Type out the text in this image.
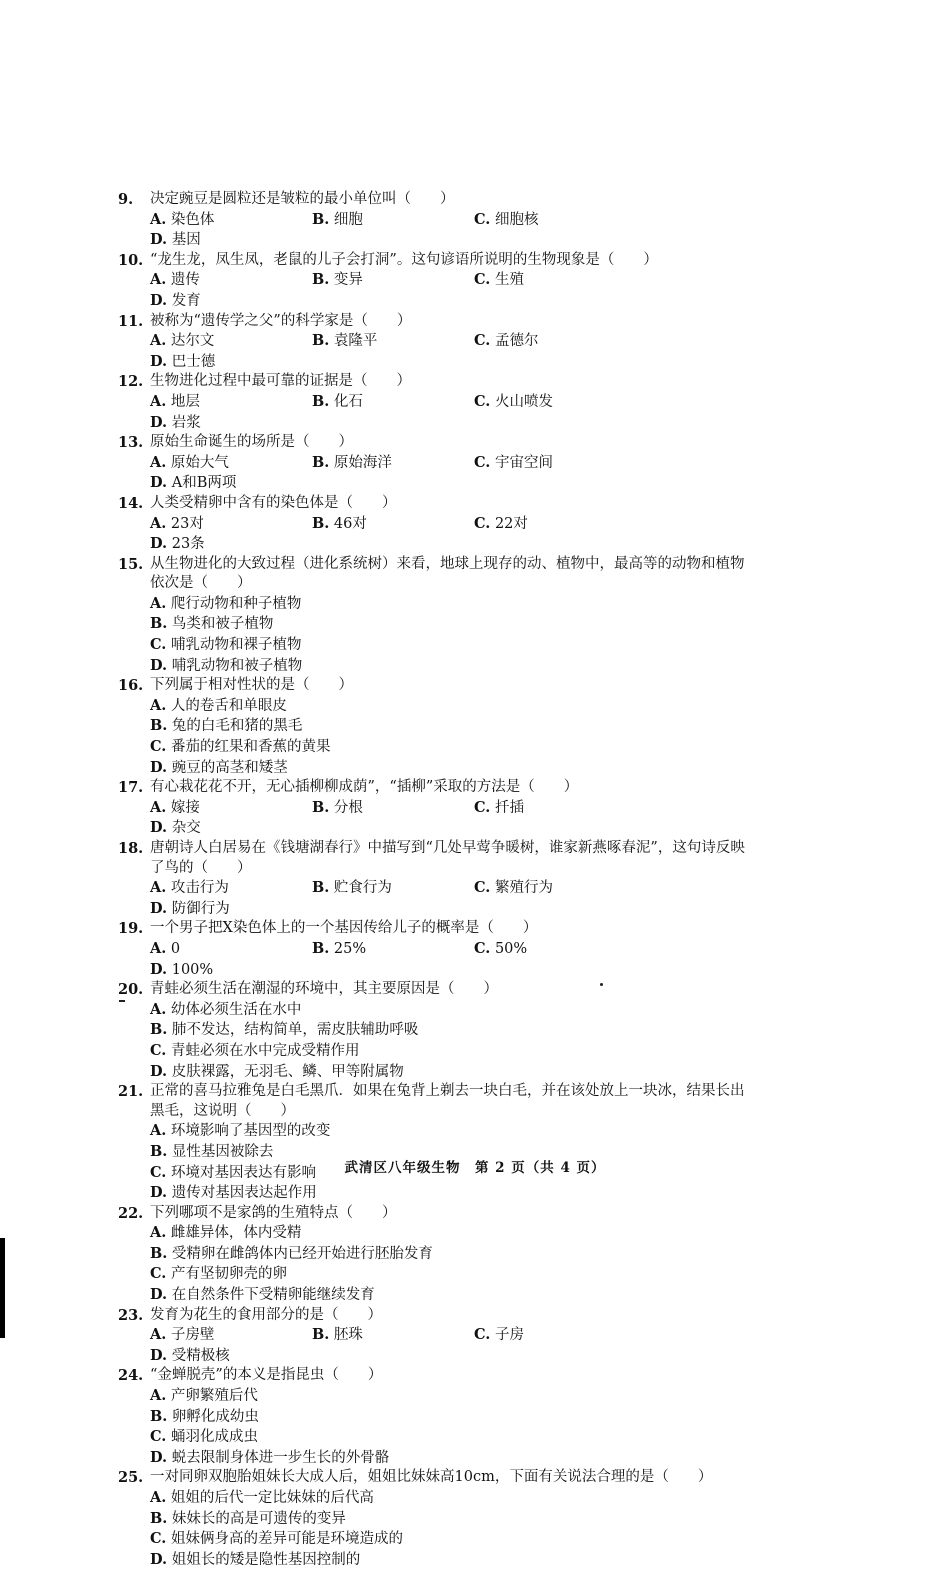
9.	决定豌豆是圆粒还是皱粒的最小单位叫（　　）
A. 染色体	B. 细胞	C. 细胞核
D. 基因
10. “龙生龙，凤生凤，老鼠的儿子会打洞”。这句谚语所说明的生物现象是（　　）
A. 遗传	B. 变异	C. 生殖
D. 发育
11. 被称为“遗传学之父”的科学家是（　　）
A. 达尔文	B. 袁隆平	C. 孟德尔
D. 巴士德
12. 生物进化过程中最可靠的证据是（　　）
A. 地层	B. 化石	C. 火山喷发
D. 岩浆
13. 原始生命诞生的场所是（　　）
A. 原始大气	B. 原始海洋	C. 宇宙空间
D. A和B两项
14. 人类受精卵中含有的染色体是（　　）
A. 23对	B. 46对	C. 22对
D. 23条
15. 从生物进化的大致过程（进化系统树）来看，地球上现存的动、植物中，最高等的动物和植物依次是（　　）
A. 爬行动物和种子植物
B. 鸟类和被子植物
C. 哺乳动物和裸子植物
D. 哺乳动物和被子植物
16. 下列属于相对性状的是（　　）
A. 人的卷舌和单眼皮
B. 兔的白毛和猪的黑毛
C. 番茄的红果和香蕉的黄果
D. 豌豆的高茎和矮茎
17. 有心栽花花不开，无心插柳柳成荫”，“插柳”采取的方法是（　　）
A. 嫁接	B. 分根	C. 扦插
D. 杂交
18. 唐朝诗人白居易在《钱塘湖春行》中描写到“几处早莺争暖树，谁家新燕啄春泥”，这句诗反映了鸟的（　　）
A. 攻击行为	B. 贮食行为	C. 繁殖行为
D. 防御行为
19. 一个男子把X染色体上的一个基因传给儿子的概率是（　　）
A. 0	B. 25%	C. 50%
D. 100%
20. 青蛙必须生活在潮湿的环境中，其主要原因是（　　）
A. 幼体必须生活在水中
B. 肺不发达，结构简单，需皮肤辅助呼吸
C. 青蛙必须在水中完成受精作用
D. 皮肤裸露，无羽毛、鳞、甲等附属物
21. 正常的喜马拉雅兔是白毛黑爪．如果在兔背上剃去一块白毛，并在该处放上一块冰，结果长出黑毛，这说明（　　）
A. 环境影响了基因型的改变
B. 显性基因被除去
C. 环境对基因表达有影响
D. 遗传对基因表达起作用
22. 下列哪项不是家鸽的生殖特点（　　）
A. 雌雄异体，体内受精
B. 受精卵在雌鸽体内已经开始进行胚胎发育
C. 产有坚韧卵壳的卵
D. 在自然条件下受精卵能继续发育
23. 发育为花生的食用部分的是（　　）
A. 子房壁	B. 胚珠	C. 子房
D. 受精极核
24. “金蝉脱壳”的本义是指昆虫（　　）
A. 产卵繁殖后代
B. 卵孵化成幼虫
C. 蛹羽化成成虫
D. 蜕去限制身体进一步生长的外骨骼
25. 一对同卵双胞胎姐妹长大成人后，姐姐比妹妹高10cm，下面有关说法合理的是（　　）
A. 姐姐的后代一定比妹妹的后代高
B. 妹妹长的高是可遗传的变异
C. 姐妹俩身高的差异可能是环境造成的
D. 姐姐长的矮是隐性基因控制的
武清区八年级生物　第 2 页（共 4 页）
